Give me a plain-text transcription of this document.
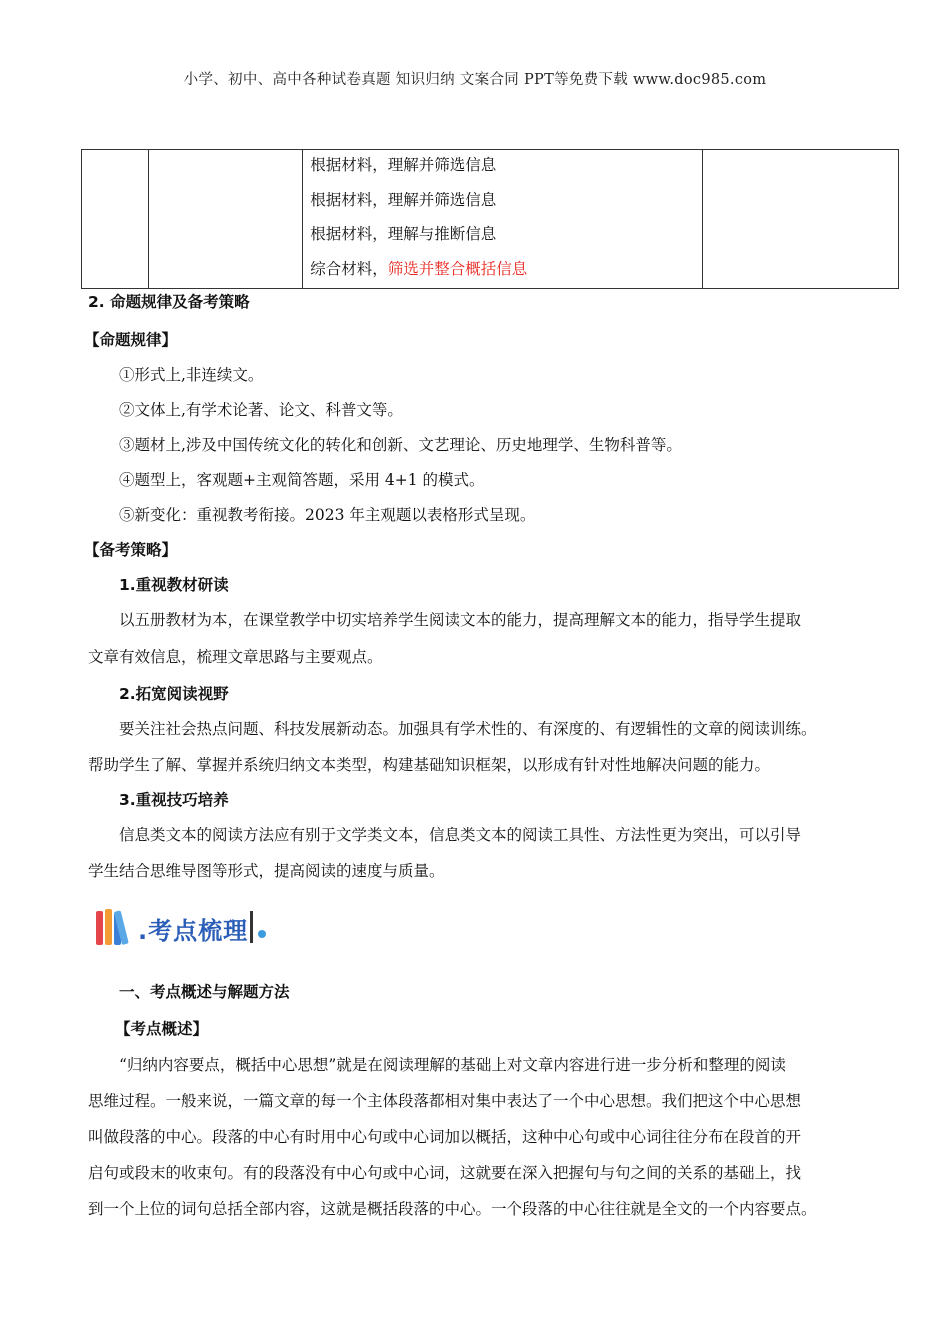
小学、初中、高中各种试卷真题 知识归纳 文案合同 PPT等免费下载 www.doc985.com

根据材料，理解并筛选信息
根据材料，理解并筛选信息
根据材料，理解与推断信息
综合材料，筛选并整合概括信息

2. 命题规律及备考策略
【命题规律】
①形式上,非连续文。
②文体上,有学术论著、论文、科普文等。
③题材上,涉及中国传统文化的转化和创新、文艺理论、历史地理学、生物科普等。
④题型上，客观题+主观简答题，采用 4+1 的模式。
⑤新变化：重视教考衔接。2023 年主观题以表格形式呈现。
【备考策略】
1.重视教材研读
以五册教材为本，在课堂教学中切实培养学生阅读文本的能力，提高理解文本的能力，指导学生提取
文章有效信息，梳理文章思路与主要观点。
2.拓宽阅读视野
要关注社会热点问题、科技发展新动态。加强具有学术性的、有深度的、有逻辑性的文章的阅读训练。
帮助学生了解、掌握并系统归纳文本类型，构建基础知识框架，以形成有针对性地解决问题的能力。
3.重视技巧培养
信息类文本的阅读方法应有别于文学类文本，信息类文本的阅读工具性、方法性更为突出，可以引导
学生结合思维导图等形式，提高阅读的速度与质量。
一、考点概述与解题方法
【考点概述】
“归纳内容要点，概括中心思想”就是在阅读理解的基础上对文章内容进行进一步分析和整理的阅读
思维过程。一般来说，一篇文章的每一个主体段落都相对集中表达了一个中心思想。我们把这个中心思想
叫做段落的中心。段落的中心有时用中心句或中心词加以概括，这种中心句或中心词往往分布在段首的开
启句或段末的收束句。有的段落没有中心句或中心词，这就要在深入把握句与句之间的关系的基础上，找
到一个上位的词句总括全部内容，这就是概括段落的中心。一个段落的中心往往就是全文的一个内容要点。
.考点梳理
